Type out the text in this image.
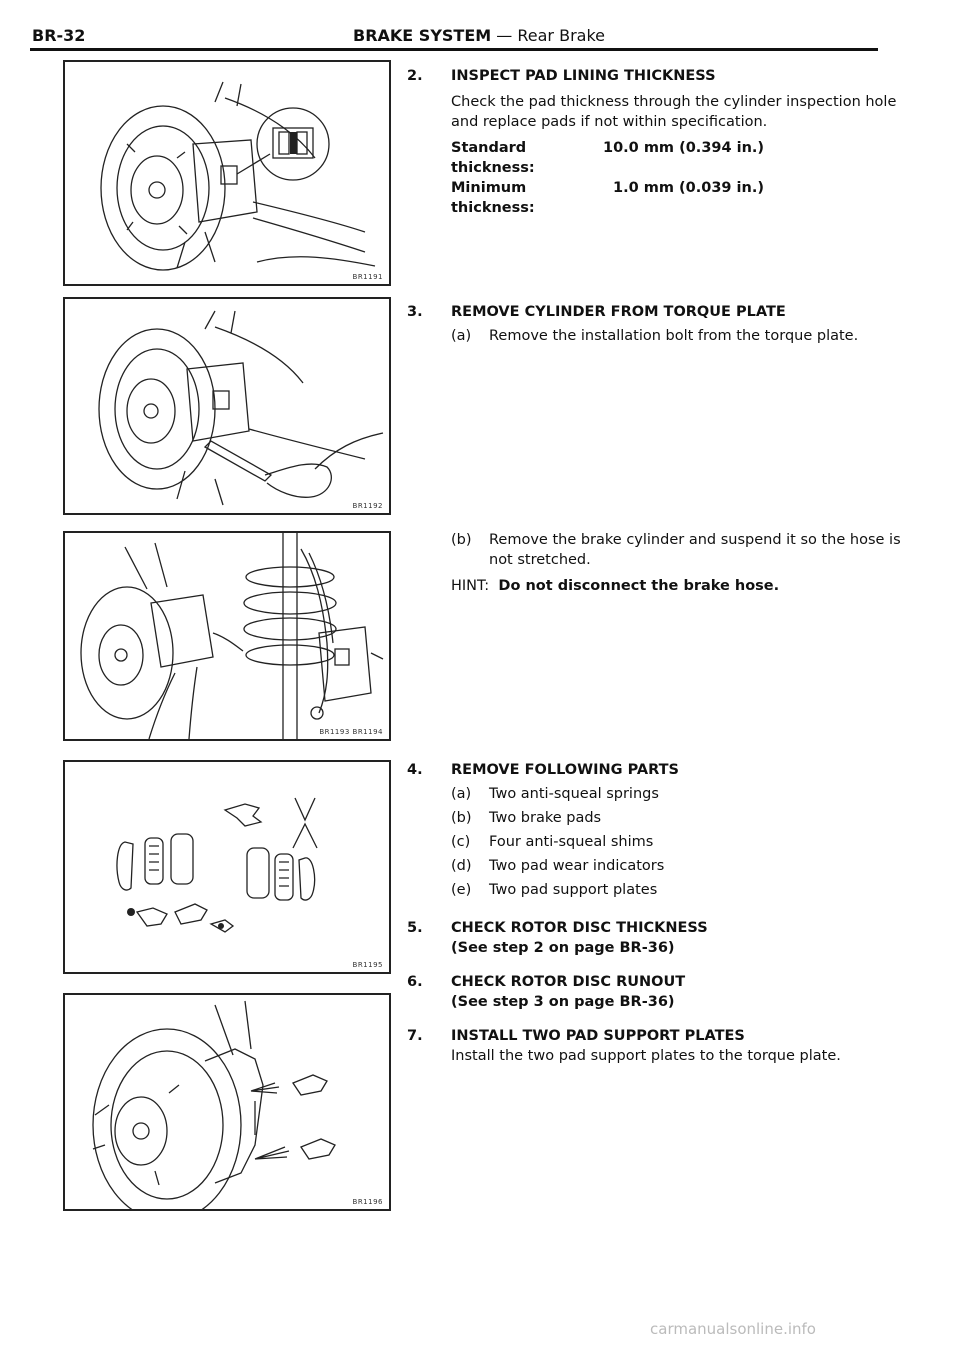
BR-32	BRAKE SYSTEM — Rear Brake
BR1191
BR1192
BR1193 BR1194
BR1195
BR1196
2. INSPECT PAD LINING THICKNESS
Check the pad thickness through the cylinder inspection hole and replace pads if not within specification.
Standard thickness:
10.0 mm (0.394 in.)
Minimum thickness:
1.0 mm (0.039 in.)
3. REMOVE CYLINDER FROM TORQUE PLATE
(a) Remove the installation bolt from the torque plate.
(b) Remove the brake cylinder and suspend it so the hose is not stretched.
HINT: Do not disconnect the brake hose.
4. REMOVE FOLLOWING PARTS
(a) Two anti-squeal springs
(b) Two brake pads
(c) Four anti-squeal shims
(d) Two pad wear indicators
(e) Two pad support plates
5. CHECK ROTOR DISC THICKNESS
(See step 2 on page BR-36)
6. CHECK ROTOR DISC RUNOUT
(See step 3 on page BR-36)
7. INSTALL TWO PAD SUPPORT PLATES
Install the two pad support plates to the torque plate.
carmanualsonline.info
